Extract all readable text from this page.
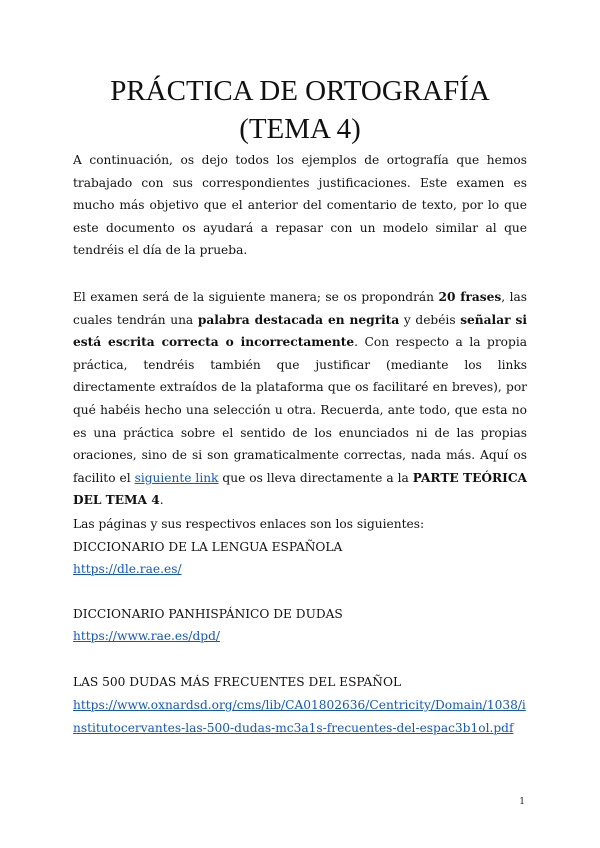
PRÁCTICA DE ORTOGRAFÍA
(TEMA 4)

A continuación, os dejo todos los ejemplos de ortografía que hemos trabajado con sus correspondientes justificaciones. Este examen es mucho más objetivo que el anterior del comentario de texto, por lo que este documento os ayudará a repasar con un modelo similar al que tendréis el día de la prueba.

El examen será de la siguiente manera; se os propondrán 20 frases, las cuales tendrán una palabra destacada en negrita y debéis señalar si está escrita correcta o incorrectamente. Con respecto a la propia práctica, tendréis también que justificar (mediante los links directamente extraídos de la plataforma que os facilitaré en breves), por qué habéis hecho una selección u otra. Recuerda, ante todo, que esta no es una práctica sobre el sentido de los enunciados ni de las propias oraciones, sino de si son gramaticalmente correctas, nada más. Aquí os facilito el siguiente link que os lleva directamente a la PARTE TEÓRICA DEL TEMA 4.

Las páginas y sus respectivos enlaces son los siguientes:
DICCIONARIO DE LA LENGUA ESPAÑOLA
https://dle.rae.es/
DICCIONARIO PANHISPÁNICO DE DUDAS
https://www.rae.es/dpd/
LAS 500 DUDAS MÁS FRECUENTES DEL ESPAÑOL
https://www.oxnardsd.org/cms/lib/CA01802636/Centricity/Domain/1038/i
nstitutocervantes-las-500-dudas-mc3a1s-frecuentes-del-espac3b1ol.pdf
1
